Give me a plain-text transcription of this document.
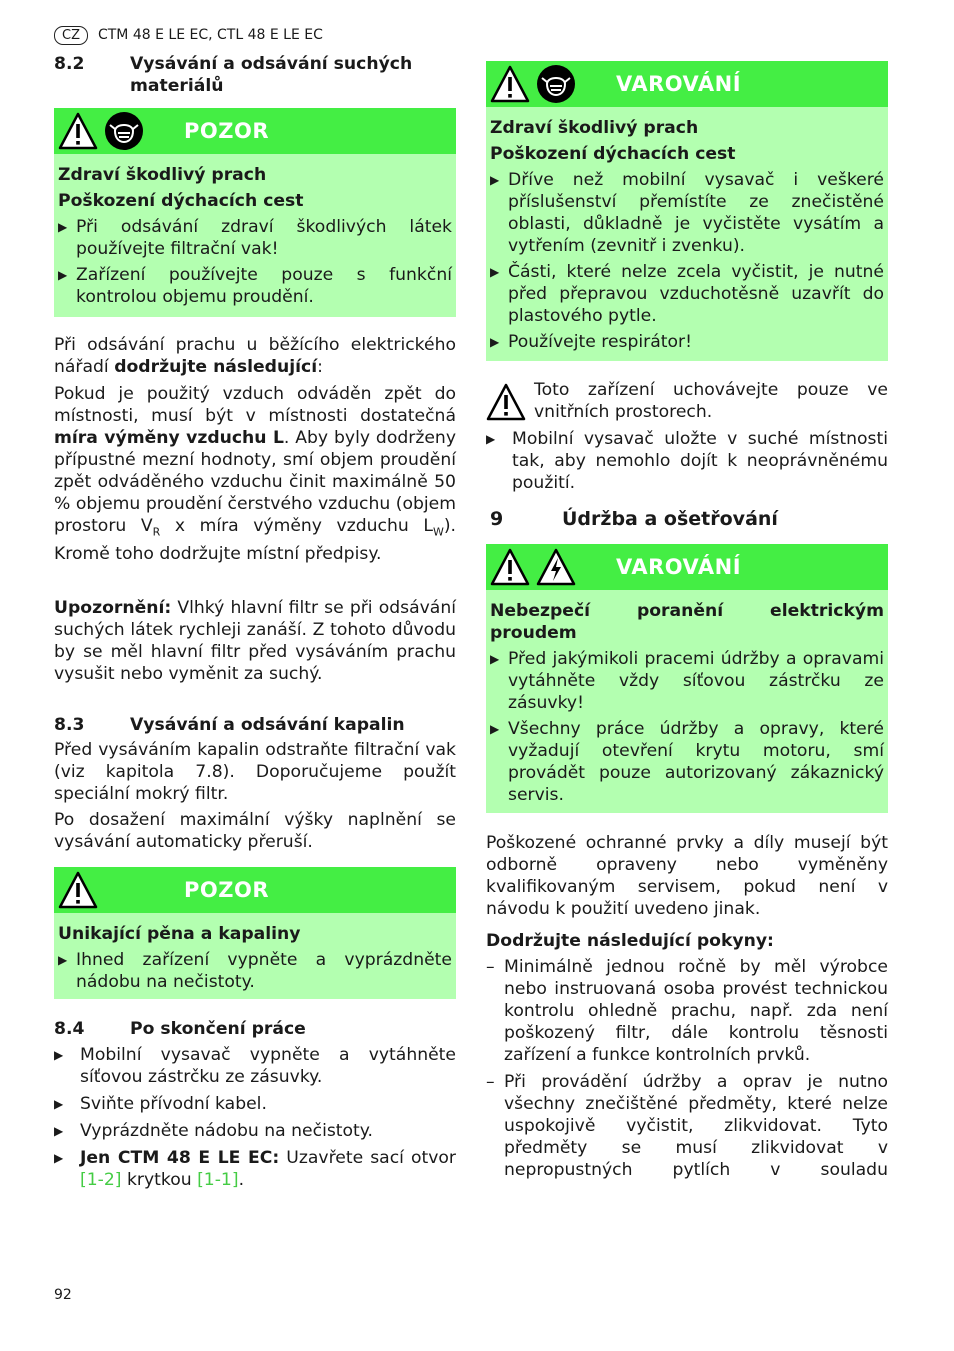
CZ	CTM 48 E LE EC, CTL 48 E LE EC
8.2	Vysávání a odsávání suchých materiálů
POZOR
Zdraví škodlivý prach
Poškození dýchacích cest
▶ Při odsávání zdraví škodlivých látek používejte filtrační vak!
▶ Zařízení používejte pouze s funkční kontrolou objemu proudění.

Při odsávání prachu u běžícího elektrického nářadí dodržujte následující:

Pokud je použitý vzduch odváděn zpět do místnosti, musí být v místnosti dostatečná míra výměny vzduchu L. Aby byly dodrženy přípustné mezní hodnoty, smí objem proudění zpět odváděného vzduchu činit maximálně 50 % objemu proudění čerstvého vzduchu (objem prostoru $V_R$ x míra výměny vzduchu $L_W$). Kromě toho dodržujte místní předpisy.

Upozornění: Vlhký hlavní filtr se při odsávání suchých látek rychleji zanáší. Z tohoto důvodu by se měl hlavní filtr před vysáváním prachu vysušit nebo vyměnit za suchý.

8.3	Vysávání a odsávání kapalin

Před vysáváním kapalin odstraňte filtrační vak (viz kapitola 7.8). Doporučujeme použít speciální mokrý filtr.

Po dosažení maximální výšky naplnění se vysávání automaticky přeruší.

POZOR
Unikající pěna a kapaliny
▶ Ihned zařízení vypněte a vyprázdněte nádobu na nečistoty.
8.4	Po skončení práce
▶ Mobilní vysavač vypněte a vytáhněte síťovou zástrčku ze zásuvky.
▶ Sviňte přívodní kabel.
▶ Vyprázdněte nádobu na nečistoty.
▶ Jen CTM 48 E LE EC: Uzavřete sací otvor [1-2] krytkou [1-1].
VAROVÁNÍ
Zdraví škodlivý prach
Poškození dýchacích cest
▶ Dříve než mobilní vysavač i veškeré příslušenství přemístíte ze znečistěné oblasti, důkladně je vyčistěte vysátím a vytřením (zevnitř i zvenku).
▶ Části, které nelze zcela vyčistit, je nutné před přepravou vzduchotěsně uzavřít do plastového pytle.
▶ Používejte respirátor!

Toto zařízení uchovávejte pouze ve vnitřních prostorech.

▶ Mobilní vysavač uložte v suché místnosti tak, aby nemohlo dojít k neoprávněnému použití.
9	Údržba a ošetřování
VAROVÁNÍ
Nebezpečí poranění elektrickým proudem
▶ Před jakýmikoli pracemi údržby a opravami vytáhněte vždy síťovou zástrčku ze zásuvky!
▶ Všechny práce údržby a opravy, které vyžadují otevření krytu motoru, smí provádět pouze autorizovaný zákaznický servis.

Poškozené ochranné prvky a díly musejí být odborně opraveny nebo vyměněny kvalifikovaným servisem, pokud není v návodu k použití uvedeno jinak.

Dodržujte následující pokyny:

– Minimálně jednou ročně by měl výrobce nebo instruovaná osoba provést technickou kontrolu ohledně prachu, např. zda není poškozený filtr, dále kontrolu těsnosti zařízení a funkce kontrolních prvků.
– Při provádění údržby a oprav je nutno všechny znečištěné předměty, které nelze uspokojivě vyčistit, zlikvidovat. Tyto předměty se musí zlikvidovat v nepropustných pytlích v souladu
92
